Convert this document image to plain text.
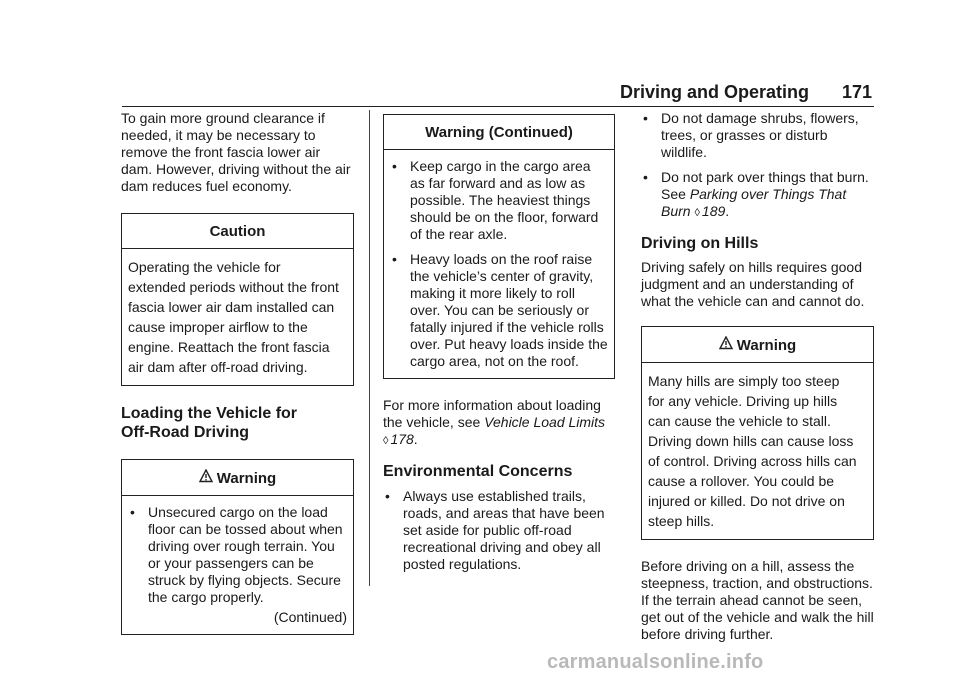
Driving and Operating 171

To gain more ground clearance if needed, it may be necessary to remove the front fascia lower air dam. However, driving without the air dam reduces fuel economy.

Caution
Operating the vehicle for
extended periods without the front
fascia lower air dam installed can
cause improper airflow to the
engine. Reattach the front fascia
air dam after off-road driving.
Loading the Vehicle for
Off-Road Driving
Warning
• Unsecured cargo on the load floor can be tossed about when driving over rough terrain. You or your passengers can be struck by flying objects. Secure the cargo properly.
(Continued)
Warning (Continued)
• Keep cargo in the cargo area as far forward and as low as possible. The heaviest things should be on the floor, forward of the rear axle.
• Heavy loads on the roof raise the vehicle’s center of gravity, making it more likely to roll over. You can be seriously or fatally injured if the vehicle rolls over. Put heavy loads inside the cargo area, not on the roof.

For more information about loading the vehicle, see Vehicle Load Limits
◊ 178.

Environmental Concerns
• Always use established trails, roads, and areas that have been set aside for public off-road recreational driving and obey all posted regulations.
• Do not damage shrubs, flowers, trees, or grasses or disturb wildlife.
• Do not park over things that burn. See Parking over Things That Burn ◊ 189.
Driving on Hills

Driving safely on hills requires good judgment and an understanding of what the vehicle can and cannot do.

Warning
Many hills are simply too steep
for any vehicle. Driving up hills
can cause the vehicle to stall.
Driving down hills can cause loss
of control. Driving across hills can
cause a rollover. You could be
injured or killed. Do not drive on
steep hills.

Before driving on a hill, assess the steepness, traction, and obstructions. If the terrain ahead cannot be seen, get out of the vehicle and walk the hill before driving further.

carmanualsonline.info
